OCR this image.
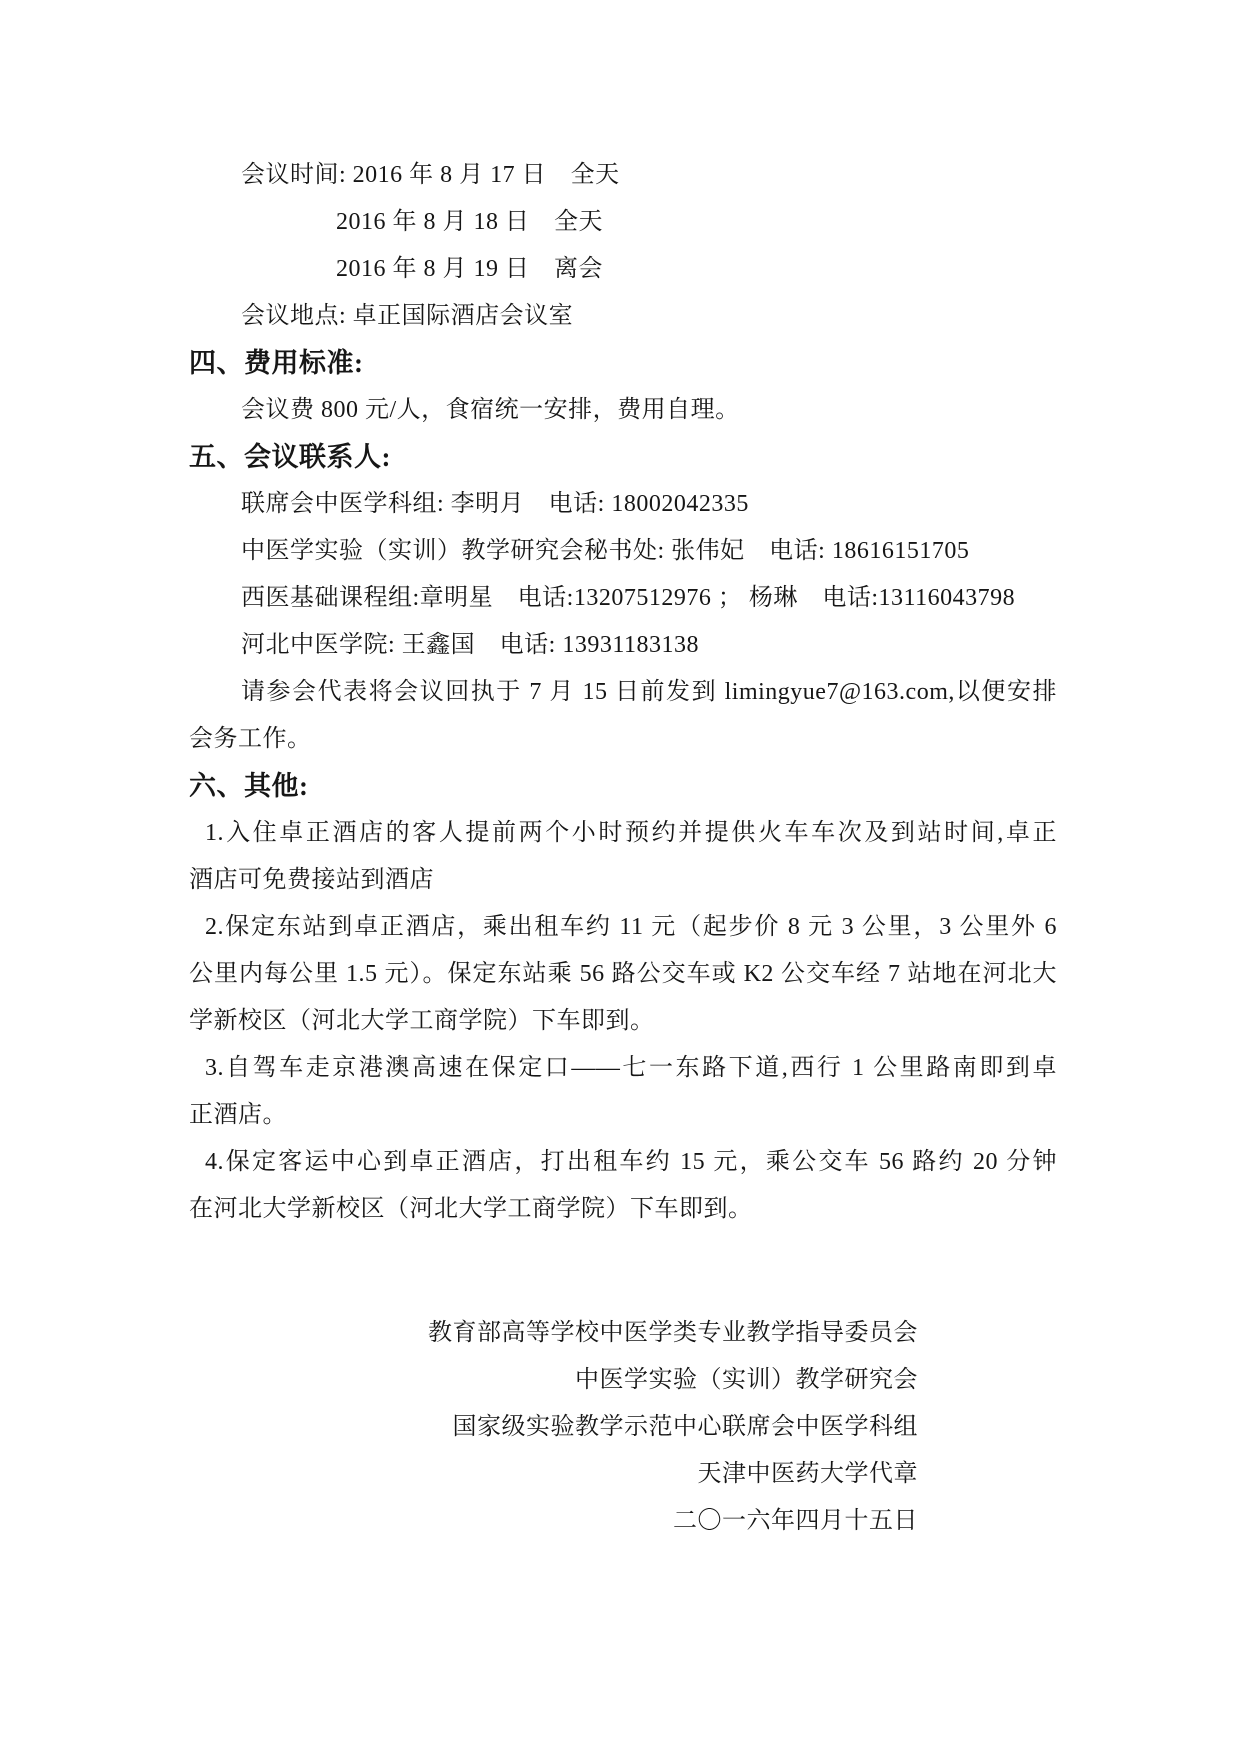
会议时间: 2016 年 8 月 17 日　全天
2016 年 8 月 18 日　全天
2016 年 8 月 19 日　离会
会议地点: 卓正国际酒店会议室
四、费用标准:
会议费 800 元/人，食宿统一安排，费用自理。
五、会议联系人:
联席会中医学科组: 李明月　电话: 18002042335
中医学实验（实训）教学研究会秘书处: 张伟妃　电话: 18616151705
西医基础课程组:章明星　电话:13207512976 ； 杨琳　电话:13116043798
河北中医学院: 王鑫国　电话: 13931183138
请参会代表将会议回执于 7 月 15 日前发到 limingyue7@163.com,以便安排
会务工作。
六、其他:
1.入住卓正酒店的客人提前两个小时预约并提供火车车次及到站时间,卓正
酒店可免费接站到酒店
2.保定东站到卓正酒店，乘出租车约 11 元（起步价 8 元 3 公里，3 公里外 6
公里内每公里 1.5 元）。保定东站乘 56 路公交车或 K2 公交车经 7 站地在河北大
学新校区（河北大学工商学院）下车即到。
3.自驾车走京港澳高速在保定口——七一东路下道,西行 1 公里路南即到卓
正酒店。
4.保定客运中心到卓正酒店，打出租车约 15 元，乘公交车 56 路约 20 分钟
在河北大学新校区（河北大学工商学院）下车即到。
教育部高等学校中医学类专业教学指导委员会
中医学实验（实训）教学研究会
国家级实验教学示范中心联席会中医学科组
天津中医药大学代章
二〇一六年四月十五日
